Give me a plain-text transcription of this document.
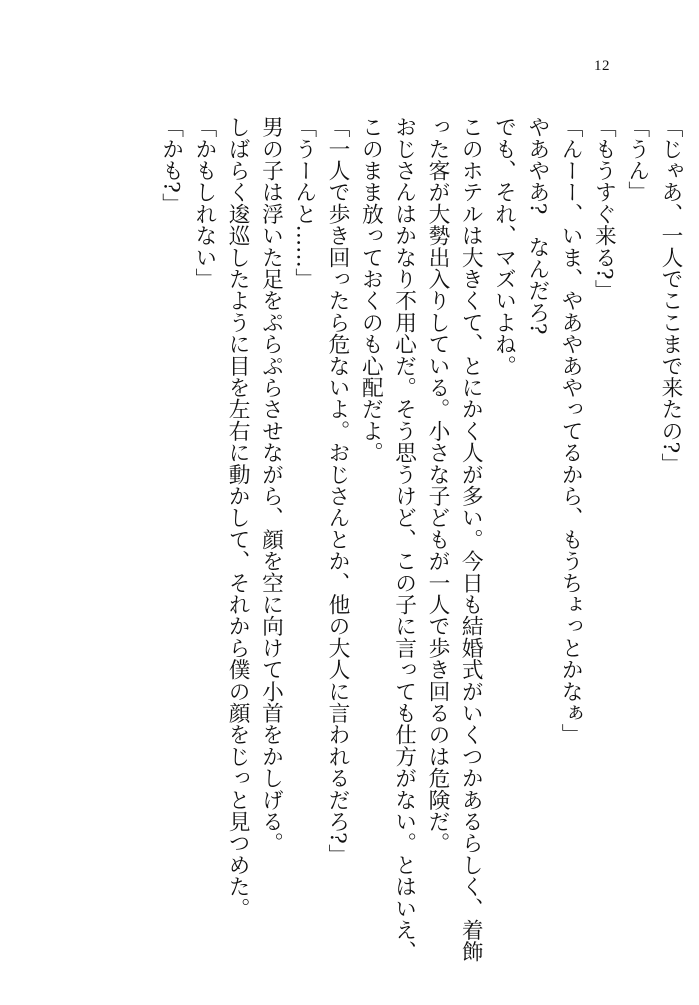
12
「じゃあ、一人でここまで来たの?」
「うん」
「もうすぐ来る?」
「んーー、いま、やあやあやってるから、もうちょっとかなぁ」
やあやあ?　なんだろ?
でも、それ、マズいよね。
このホテルは大きくて、とにかく人が多い。今日も結婚式がいくつかあるらしく、着飾
った客が大勢出入りしている。小さな子どもが一人で歩き回るのは危険だ。
おじさんはかなり不用心だ。そう思うけど、この子に言っても仕方がない。とはいえ、
このまま放っておくのも心配だよ。
「一人で歩き回ったら危ないよ。おじさんとか、他の大人に言われるだろ?」
「うーんと……」
男の子は浮いた足をぷらぷらさせながら、顔を空に向けて小首をかしげる。
しばらく逡巡したように目を左右に動かして、それから僕の顔をじっと見つめた。
「かもしれない」
「かも?」
